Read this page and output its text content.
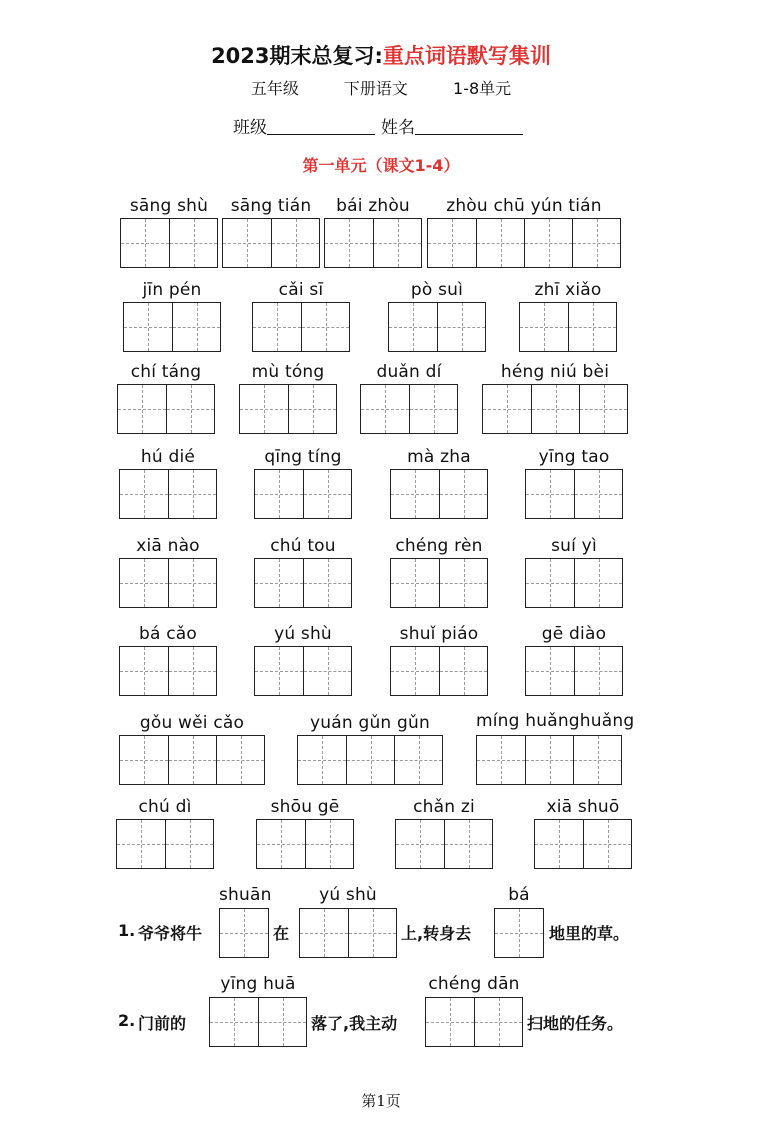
2023期末总复习:重点词语默写集训
五年级	下册语文	1-8单元
班级	姓名
第一单元（课文1-4）
sāng shù	sāng tián	bái zhòu	zhòu chū yún tián
jīn pén	cǎi sī	pò suì	zhī xiǎo
chí táng	mù tóng	duǎn dí	héng niú bèi
hú dié	qīng tíng	mà zha	yīng tao
xiā nào	chú tou	chéng rèn	suí yì
bá cǎo	yú shù	shuǐ piáo	gē diào
gǒu wěi cǎo	yuán gǔn gǔn	míng huǎnghuǎng
chú dì	shōu gē	chǎn zi	xiā shuō
shuān	yú shù	bá
1. 爷爷将牛	在	上,转身去	地里的草。
yīng huā	chéng dān
2. 门前的	落了,我主动	扫地的任务。
第1页
